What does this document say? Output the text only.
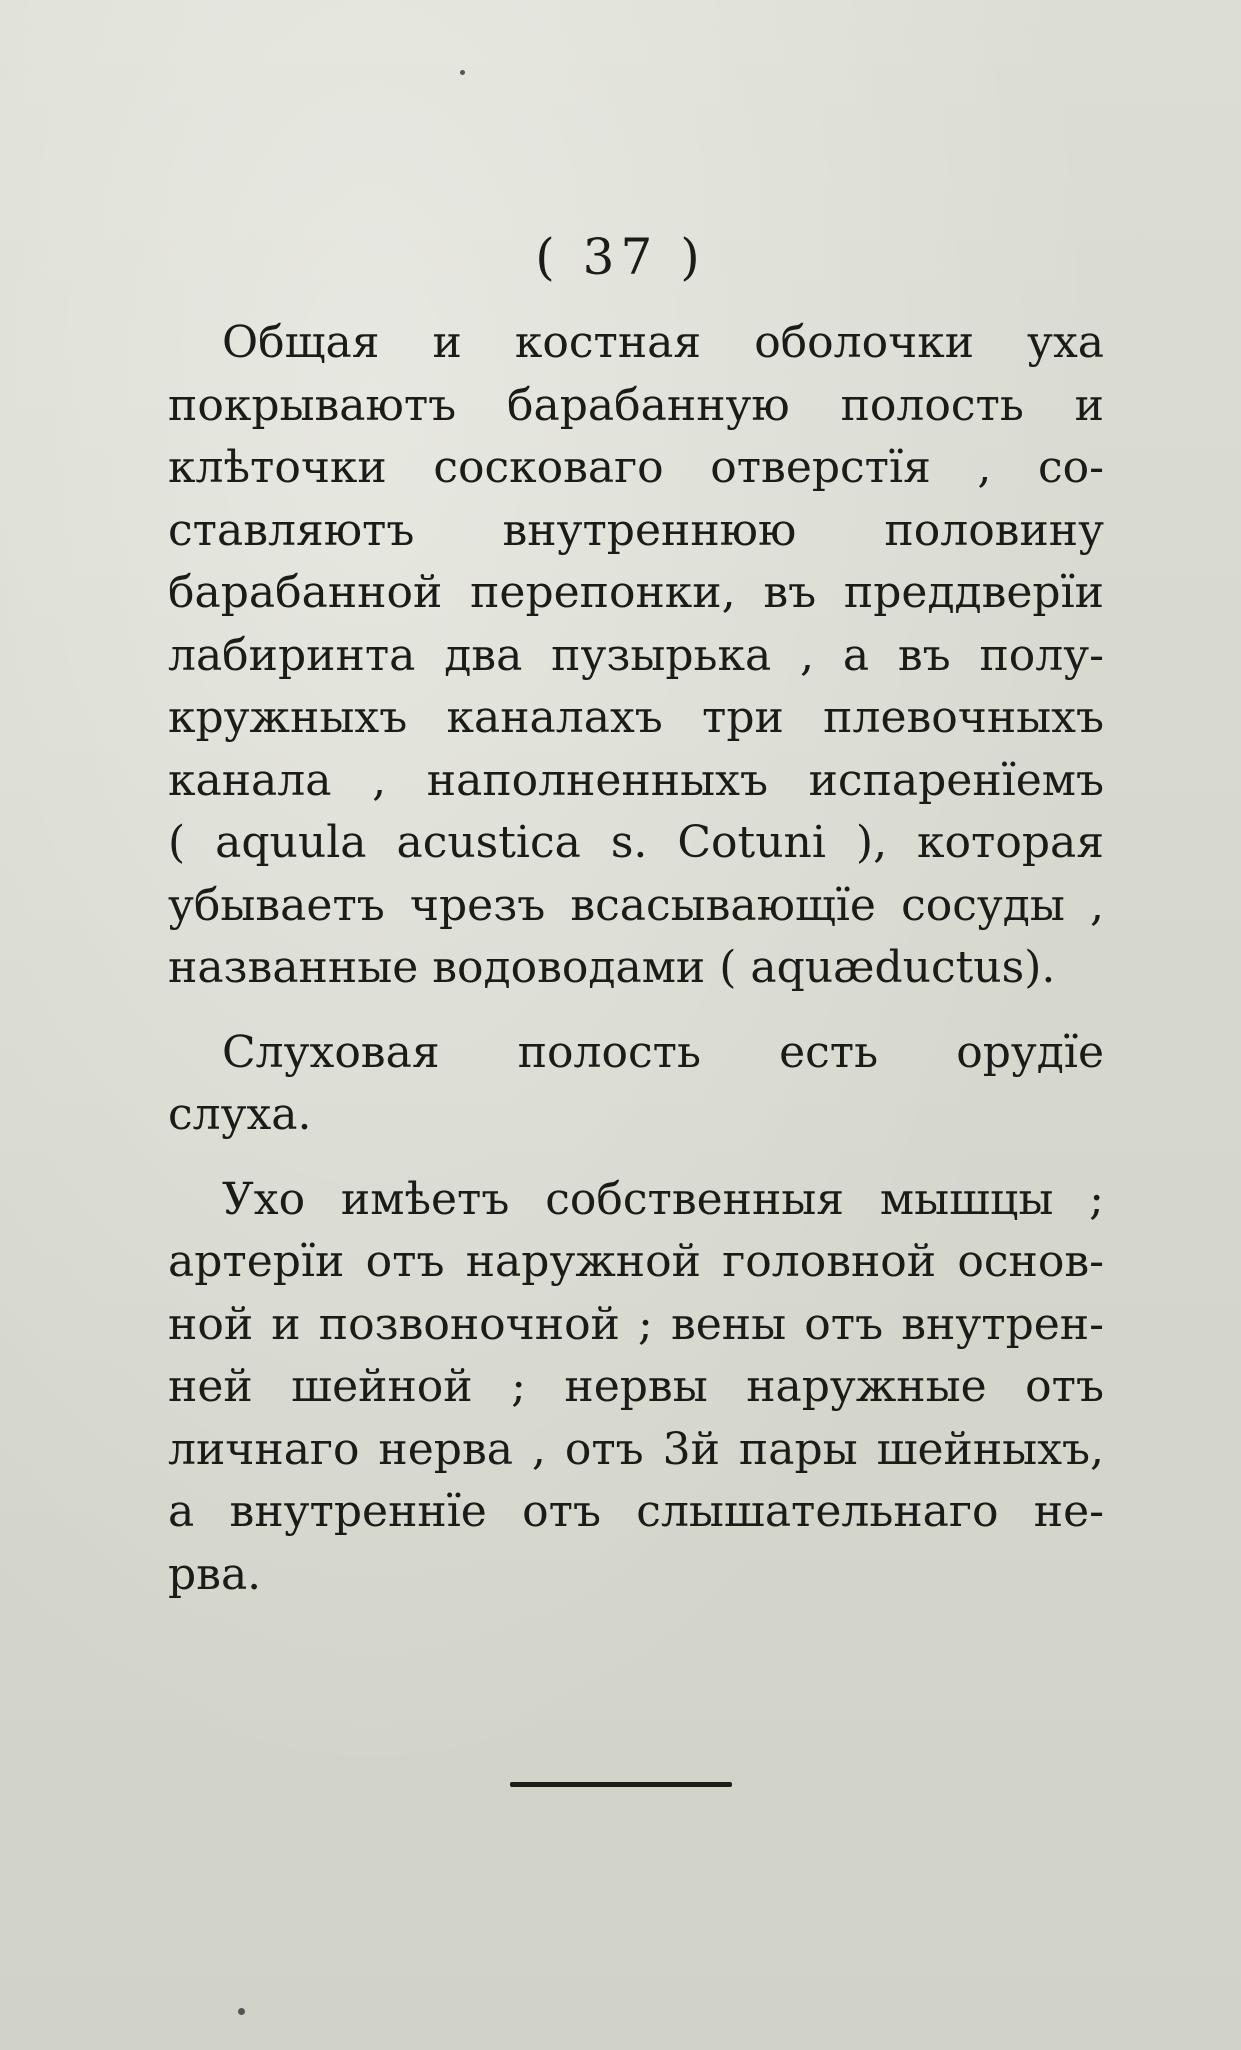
( 37 )
Общая и костная оболочки уха
покрываютъ барабанную полость и
клѣточки сосковаго отверстїя , со-
ставляютъ внутреннюю половину
барабанной перепонки, въ преддверїи
лабиринта два пузырька , а въ полу-
кружныхъ каналахъ три плевочныхъ
канала , наполненныхъ испаренїемъ
( aquula acustica s. Cotuni ), которая
убываетъ чрезъ всасывающїе сосуды ,
названные водоводами ( aquæductus).
Слуховая полость есть орудїе
слуха.
Ухо имѣетъ собственныя мышцы ;
артерїи отъ наружной головной основ-
ной и позвоночной ; вены отъ внутрен-
ней шейной ; нервы наружные отъ
личнаго нерва , отъ 3й пары шейныхъ,
а внутреннїе отъ слышательнаго не-
рва.
